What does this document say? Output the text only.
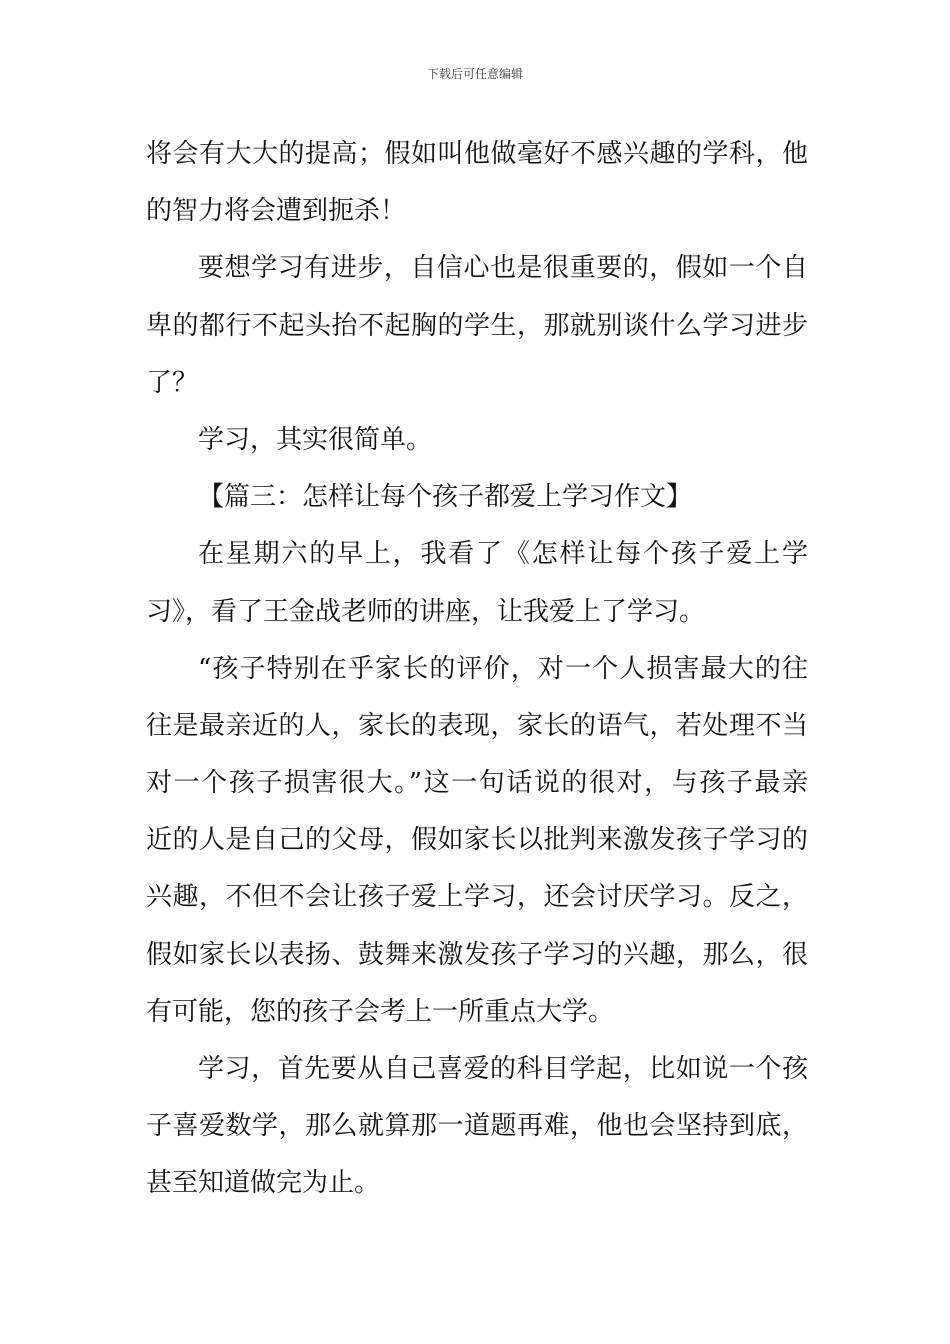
下载后可任意编辑
将会有大大的提高；假如叫他做毫好不感兴趣的学科，他
的智力将会遭到扼杀！
要想学习有进步，自信心也是很重要的，假如一个自
卑的都行不起头抬不起胸的学生，那就别谈什么学习进步
了？
学习，其实很简单。
【篇三：怎样让每个孩子都爱上学习作文】
在星期六的早上，我看了《怎样让每个孩子爱上学
习》，看了王金战老师的讲座，让我爱上了学习。
“孩子特别在乎家长的评价，对一个人损害最大的往
往是最亲近的人，家长的表现，家长的语气，若处理不当
对一个孩子损害很大。”这一句话说的很对，与孩子最亲
近的人是自己的父母，假如家长以批判来激发孩子学习的
兴趣，不但不会让孩子爱上学习，还会讨厌学习。反之，
假如家长以表扬、鼓舞来激发孩子学习的兴趣，那么，很
有可能，您的孩子会考上一所重点大学。
学习，首先要从自己喜爱的科目学起，比如说一个孩
子喜爱数学，那么就算那一道题再难，他也会坚持到底，
甚至知道做完为止。
